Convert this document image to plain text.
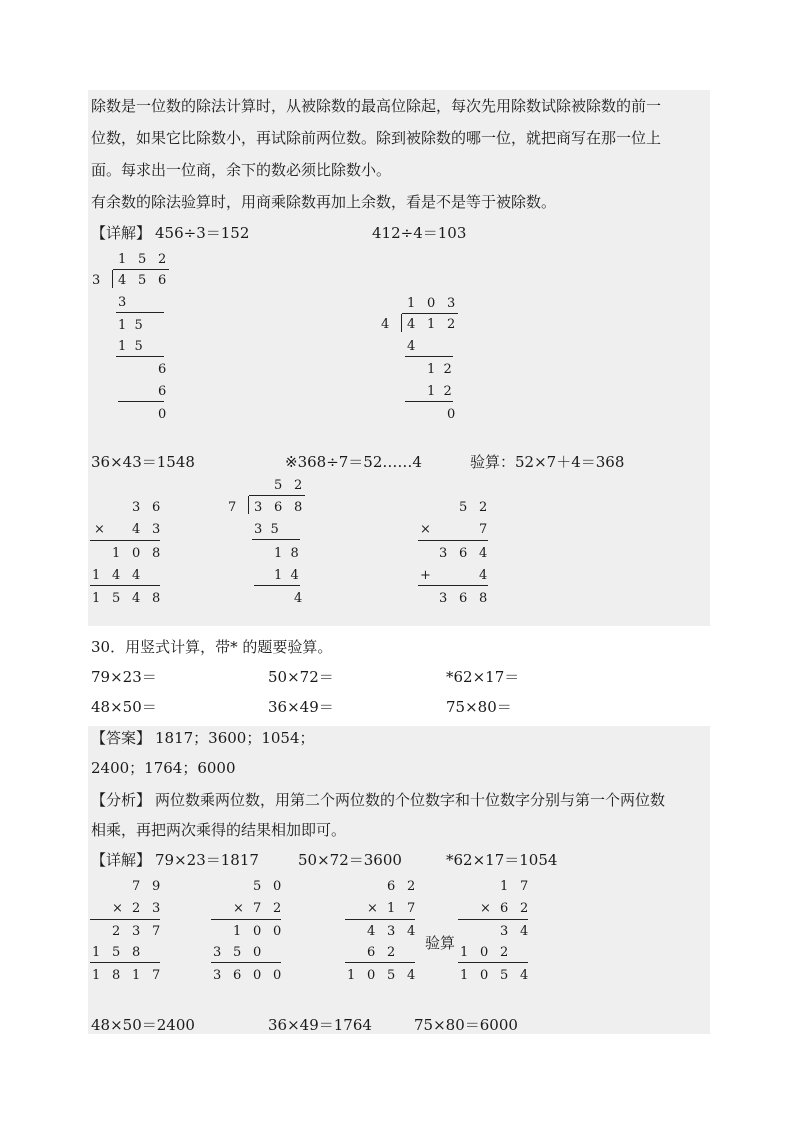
除数是一位数的除法计算时，从被除数的最高位除起，每次先用除数试除被除数的前一
位数，如果它比除数小，再试除前两位数。除到被除数的哪一位，就把商写在那一位上
面。每求出一位商，余下的数必须比除数小。
有余数的除法验算时，用商乘除数再加上余数，看是不是等于被除数。
【详解】 456÷3＝152	412÷4＝103
1 5 2
3 4 5 6
3
1  5
1  5
6
6
0
1 0 3
4 4 1 2
4
1  2
1  2
0
36×43＝1548	※368÷7＝52……4	验算：52×7＋4＝368
3 6
× 4 3
1 0 8
1 4 4
1 5 4 8
5 2
7 3 6 8
3  5
1  8
1  4
4
5 2
×	7
3 6 4
+	4
3 6 8
30．用竖式计算，带* 的题要验算。
79×23＝	50×72＝	*62×17＝
48×50＝	36×49＝	75×80＝
【答案】 1817；3600；1054；
2400；1764；6000
【分析】 两位数乘两位数，用第二个两位数的个位数字和十位数字分别与第一个两位数
相乘，再把两次乘得的结果相加即可。
【详解】 79×23＝1817	50×72＝3600	*62×17＝1054
7 9
× 2 3
2 3 7
1 5 8
1 8 1 7
5 0
× 7 2
1 0 0
3 5 0
3 6 0 0
6 2
× 1 7
4 3 4
6 2
1 0 5 4
验算
1 7
× 6 2
3 4
1 0 2
1 0 5 4
48×50＝2400	36×49＝1764	75×80＝6000
